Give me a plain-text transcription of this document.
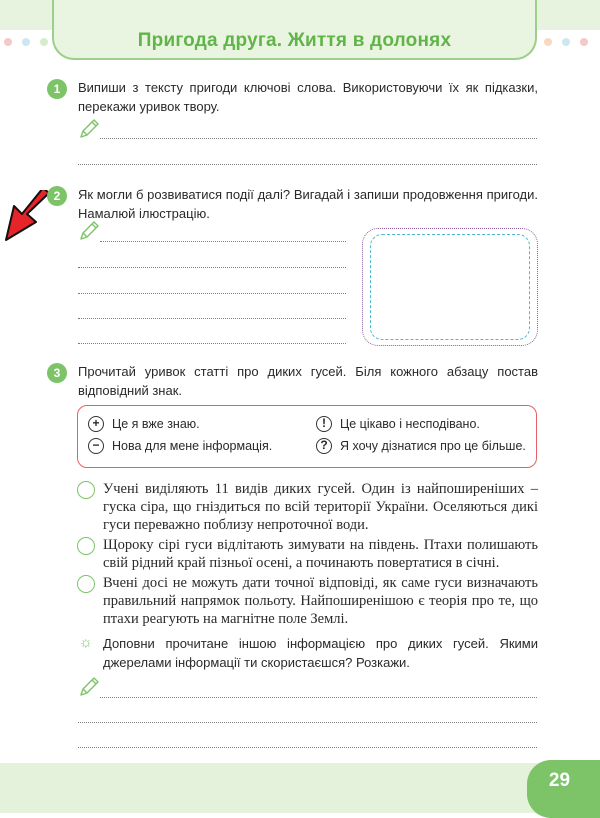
Пригода друга. Життя в долонях
1	Випиши з тексту пригоди ключові слова. Використовуючи їх як підказки, перекажи уривок твору.
2	Як могли б розвиватися події далі? Вигадай і запиши продовження пригоди. Намалюй ілюстрацію.
3	Прочитай уривок статті про диких гусей. Біля кожного абзацу постав відповідний знак.
+	Це я вже знаю.	!	Це цікаво і несподівано.
−	Нова для мене інформація.	? Я хочу дізнатися про це більше.
Учені виділяють 11 видів диких гусей. Один із найпоширеніших – гуска сіра, що гніздиться по всій території України. Оселяються дикі гуси переважно поблизу непроточної води.
Щороку сірі гуси відлітають зимувати на південь. Птахи полишають свій рідний край пізньої осені, а починають повертатися в січні.
Вчені досі не можуть дати точної відповіді, як саме гуси визначають правильний напрямок польоту. Найпоширенішою є теорія про те, що птахи реагують на магнітне поле Землі.
☼ Доповни прочитане іншою інформацією про диких гусей. Якими джерелами інформації ти скористаєшся? Розкажи.
29
